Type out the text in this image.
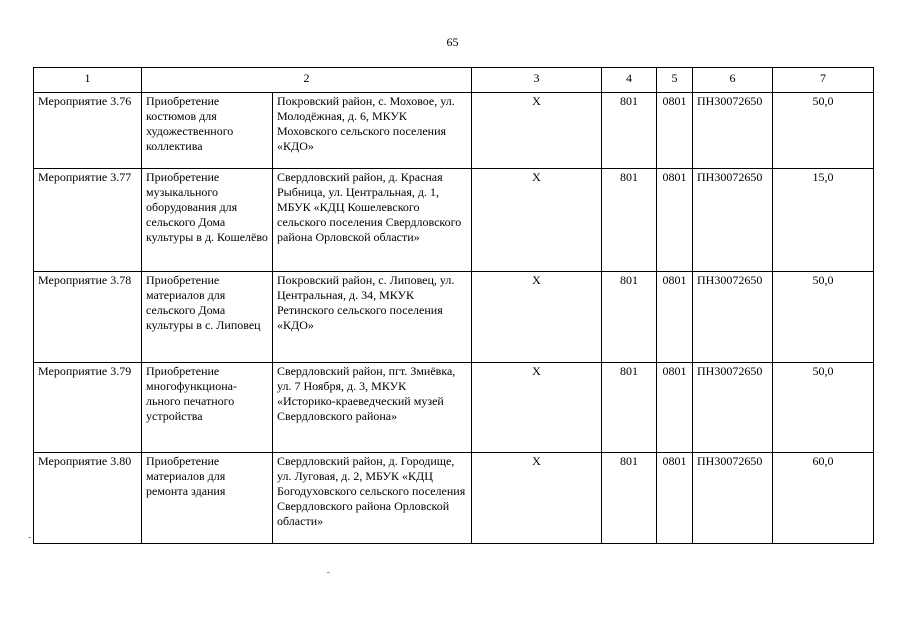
65
1	2		3	4	5	6	7
Мероприятие 3.76	Приобретение костюмов для художественного коллектива	Покровский район, с. Моховое, ул. Молодёжная, д. 6, МКУК Моховского сельского поселения «КДО»	Х	801	0801	ПН30072650	50,0
Мероприятие 3.77	Приобретение музыкального оборудования для сельского Дома культуры в д. Кошелёво	Свердловский район, д. Красная Рыбница, ул. Центральная, д. 1, МБУК «КДЦ Кошелевского сельского поселения Свердловского района Орловской области»	Х	801	0801	ПН30072650	15,0
Мероприятие 3.78	Приобретение материалов для сельского Дома культуры в с. Липовец	Покровский район, с. Липовец, ул. Центральная, д. 34, МКУК Ретинского сельского поселения «КДО»	Х	801	0801	ПН30072650	50,0
Мероприятие 3.79	Приобретение многофункциона-льного печатного устройства	Свердловский район, пгт. Змиёвка, ул. 7 Ноября, д. 3, МКУК «Историко-краеведческий музей Свердловского района»	Х	801	0801	ПН30072650	50,0
Мероприятие 3.80	Приобретение материалов для ремонта здания	Свердловский район, д. Городище, ул. Луговая, д. 2, МБУК «КДЦ Богодуховского сельского поселения Свердловского района Орловской области»	Х	801	0801	ПН30072650	60,0
